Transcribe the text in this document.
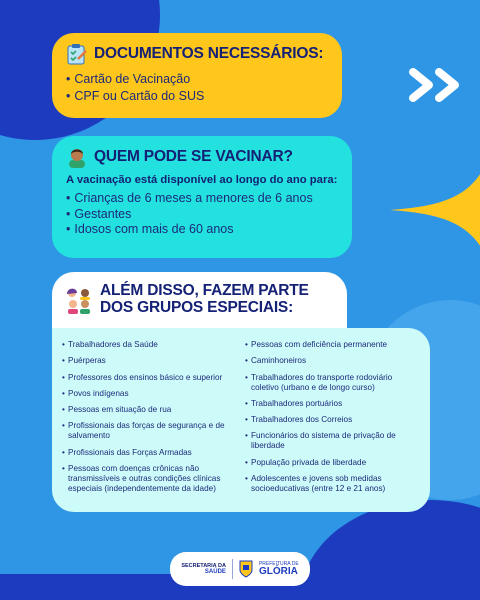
DOCUMENTOS NECESSÁRIOS:
• Cartão de Vacinação
• CPF ou Cartão do SUS
QUEM PODE SE VACINAR?
A vacinação está disponível ao longo do ano para:
• Crianças de 6 meses a menores de 6 anos
• Gestantes
• Idosos com mais de 60 anos
ALÉM DISSO, FAZEM PARTE
DOS GRUPOS ESPECIAIS:
• Trabalhadores da Saúde
• Puérperas
• Professores dos ensinos básico e superior
• Povos indígenas
• Pessoas em situação de rua
• Profissionais das forças de segurança e de salvamento
• Profissionais das Forças Armadas
• Pessoas com doenças crônicas não transmissíveis e outras condições clínicas especiais (independentemente da idade)
• Pessoas com deficiência permanente
• Caminhoneiros
• Trabalhadores do transporte rodoviário coletivo (urbano e de longo curso)
• Trabalhadores portuários
• Trabalhadores dos Correios
• Funcionários do sistema de privação de liberdade
• População privada de liberdade
• Adolescentes e jovens sob medidas socioeducativas (entre 12 e 21 anos)
SECRETARIA DA
SAÚDE
PREFEITURA DE
GLÓRIA
